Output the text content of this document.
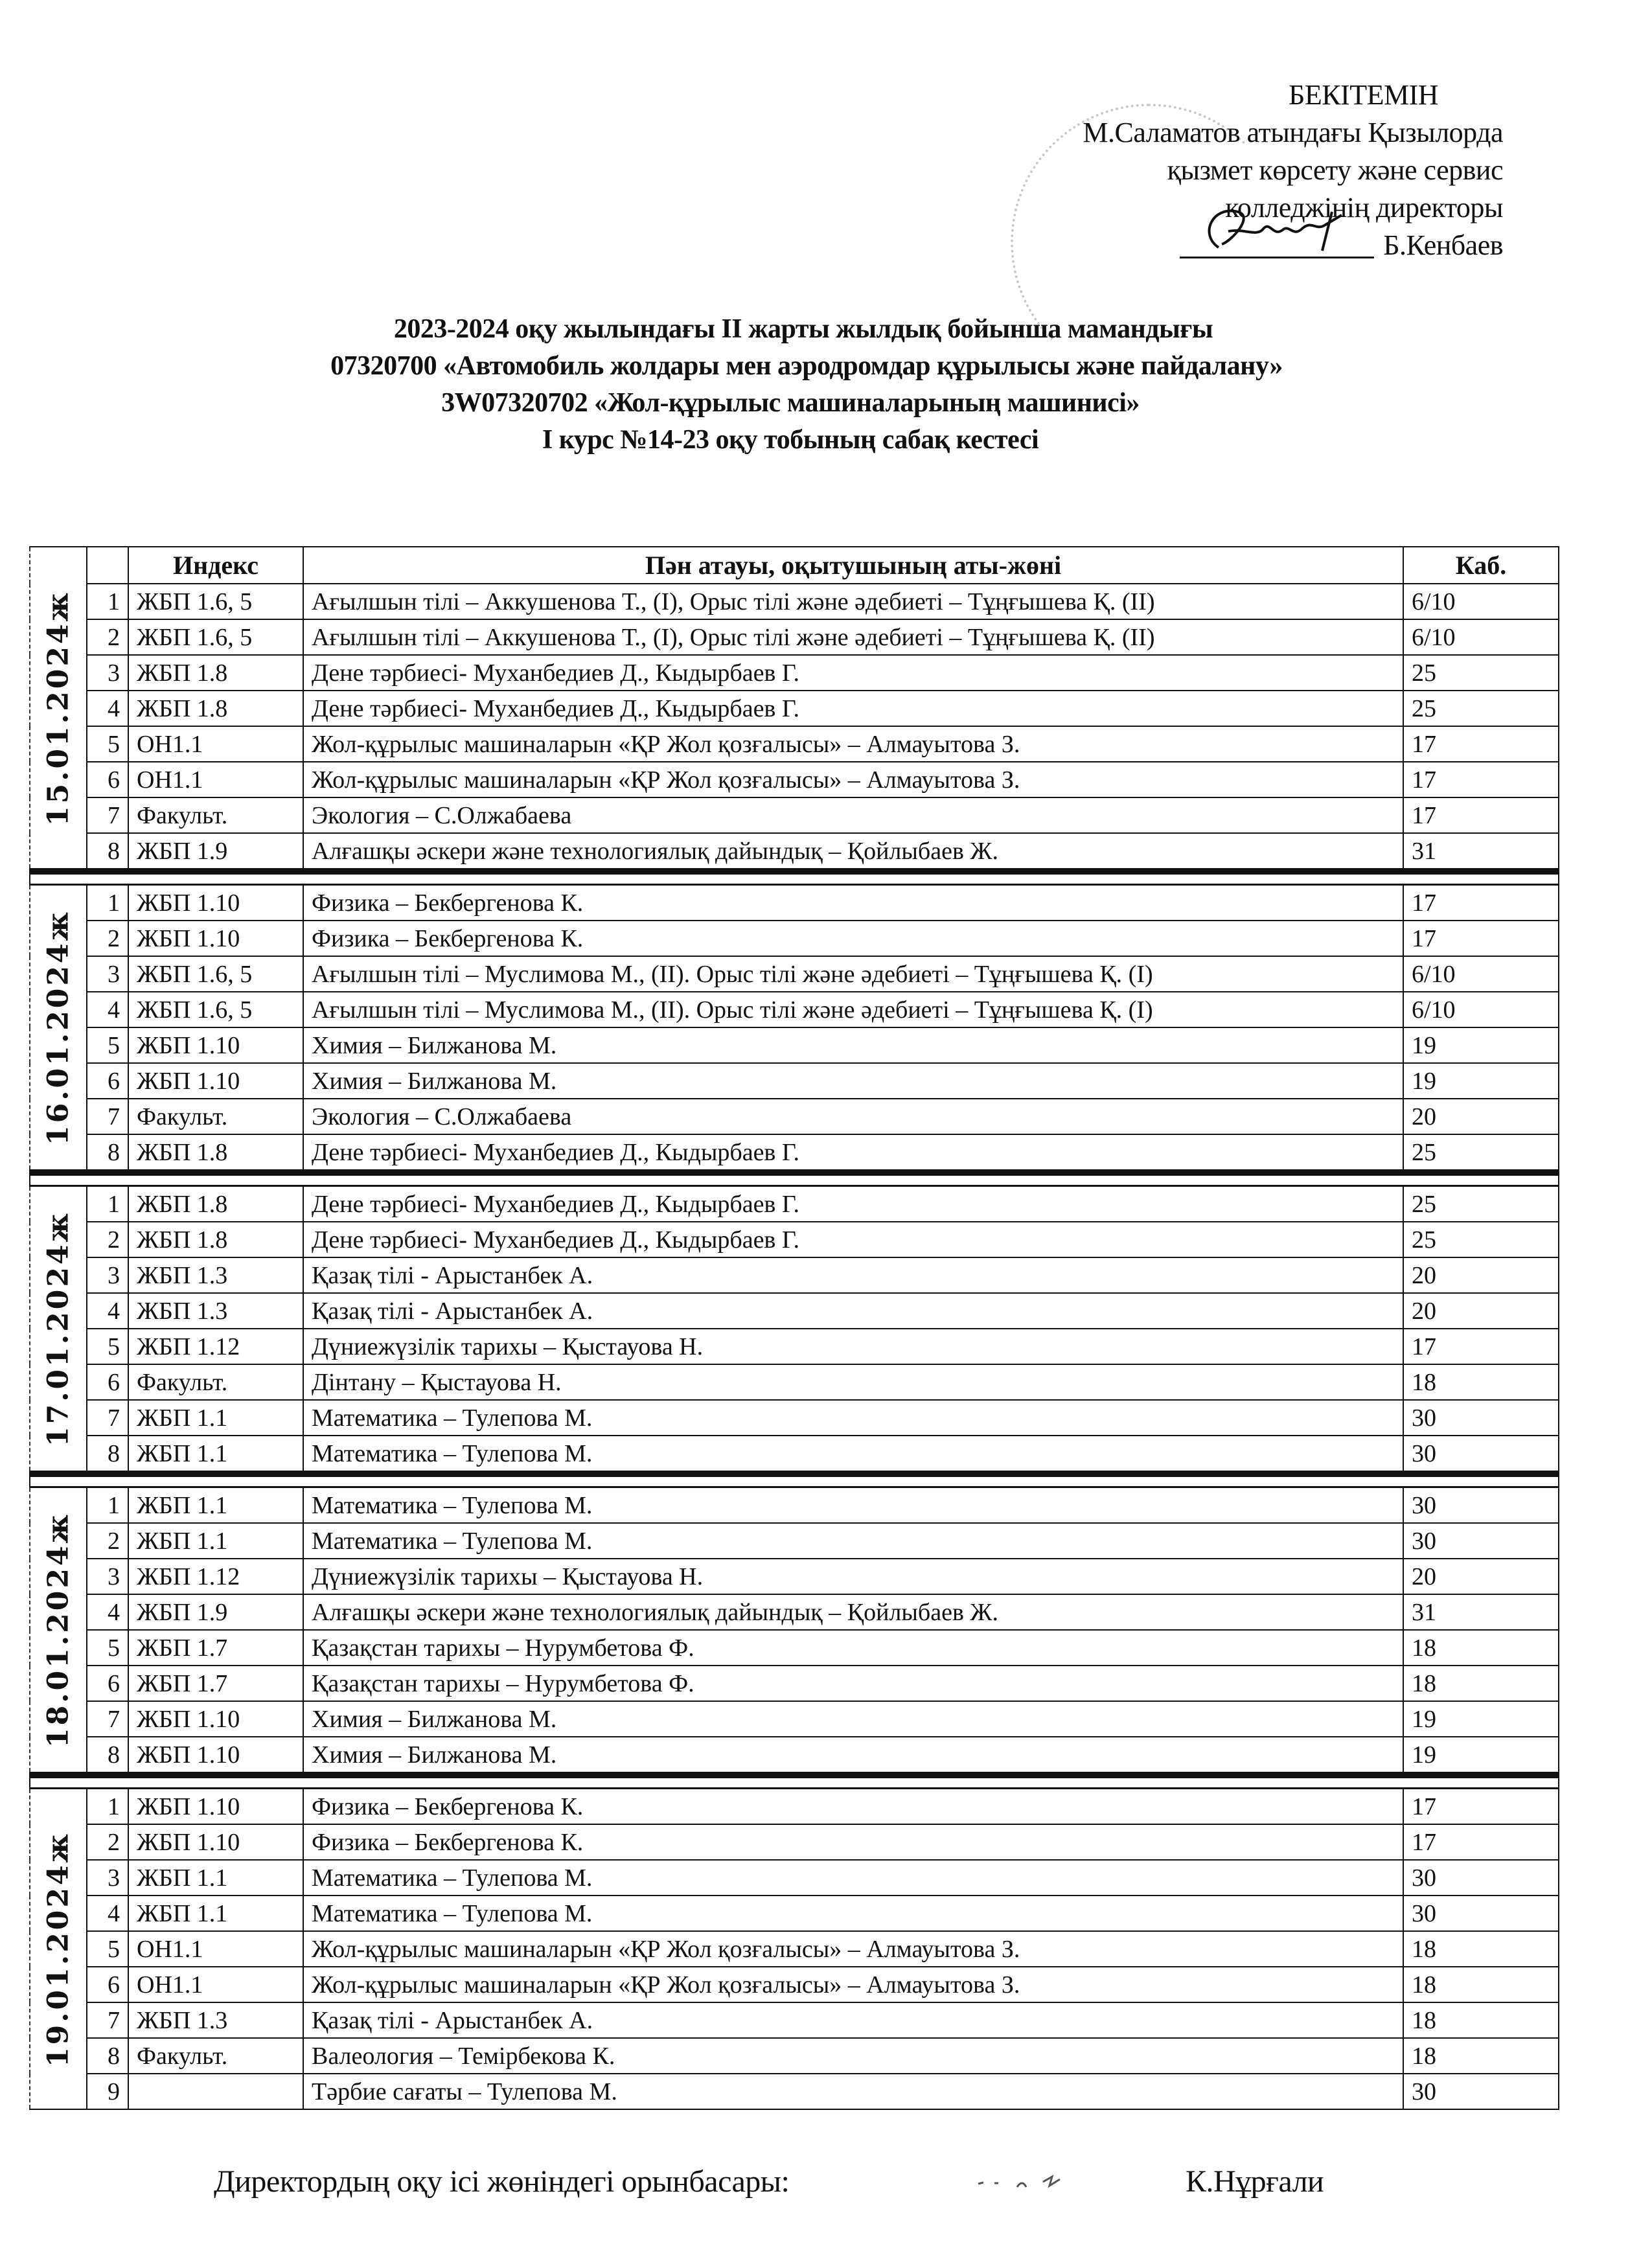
БЕКІТЕМІН
М.Саламатов атындағы Қызылорда
қызмет көрсету және сервис
колледжінің директоры
Б.Кенбаев
2023-2024 оқу жылындағы ІІ жарты жылдық бойынша мамандығы
07320700 «Автомобиль жолдары мен аэродромдар құрылысы және пайдалану»
3W07320702 «Жол-құрылыс машиналарының машинисі»
І курс №14-23 оқу тобының сабақ кестесі
15.01.2024ж		Индекс	Пән атауы, оқытушының аты-жөні	Каб.
	1	ЖБП 1.6, 5	Ағылшын тілі – Аккушенова Т., (І), Орыс тілі және әдебиеті – Тұңғышева Қ. (ІІ)	6/10
	2	ЖБП 1.6, 5	Ағылшын тілі – Аккушенова Т., (І), Орыс тілі және әдебиеті – Тұңғышева Қ. (ІІ)	6/10
	3	ЖБП 1.8	Дене тәрбиесі- Муханбедиев Д., Кыдырбаев Г.	25
	4	ЖБП 1.8	Дене тәрбиесі- Муханбедиев Д., Кыдырбаев Г.	25
	5	ОН1.1	Жол-құрылыс машиналарын «ҚР Жол қозғалысы» – Алмауытова З.	17
	6	ОН1.1	Жол-құрылыс машиналарын «ҚР Жол қозғалысы» – Алмауытова З.	17
	7	Факульт.	Экология – С.Олжабаева	17
	8	ЖБП 1.9	Алғашқы әскери және технологиялық дайындық – Қойлыбаев Ж.	31

16.01.2024ж	1	ЖБП 1.10	Физика – Бекбергенова К.	17
	2	ЖБП 1.10	Физика – Бекбергенова К.	17
	3	ЖБП 1.6, 5	Ағылшын тілі – Муслимова М., (ІІ). Орыс тілі және әдебиеті – Тұңғышева Қ. (І)	6/10
	4	ЖБП 1.6, 5	Ағылшын тілі – Муслимова М., (ІІ). Орыс тілі және әдебиеті – Тұңғышева Қ. (І)	6/10
	5	ЖБП 1.10	Химия – Билжанова М.	19
	6	ЖБП 1.10	Химия – Билжанова М.	19
	7	Факульт.	Экология – С.Олжабаева	20
	8	ЖБП 1.8	Дене тәрбиесі- Муханбедиев Д., Кыдырбаев Г.	25

17.01.2024ж	1	ЖБП 1.8	Дене тәрбиесі- Муханбедиев Д., Кыдырбаев Г.	25
	2	ЖБП 1.8	Дене тәрбиесі- Муханбедиев Д., Кыдырбаев Г.	25
	3	ЖБП 1.3	Қазақ тілі - Арыстанбек А.	20
	4	ЖБП 1.3	Қазақ тілі - Арыстанбек А.	20
	5	ЖБП 1.12	Дүниежүзілік тарихы – Қыстауова Н.	17
	6	Факульт.	Дінтану – Қыстауова Н.	18
	7	ЖБП 1.1	Математика – Тулепова М.	30
	8	ЖБП 1.1	Математика – Тулепова М.	30

18.01.2024ж	1	ЖБП 1.1	Математика – Тулепова М.	30
	2	ЖБП 1.1	Математика – Тулепова М.	30
	3	ЖБП 1.12	Дүниежүзілік тарихы – Қыстауова Н.	20
	4	ЖБП 1.9	Алғашқы әскери және технологиялық дайындық – Қойлыбаев Ж.	31
	5	ЖБП 1.7	Қазақстан тарихы – Нурумбетова Ф.	18
	6	ЖБП 1.7	Қазақстан тарихы – Нурумбетова Ф.	18
	7	ЖБП 1.10	Химия – Билжанова М.	19
	8	ЖБП 1.10	Химия – Билжанова М.	19

19.01.2024ж	1	ЖБП 1.10	Физика – Бекбергенова К.	17
	2	ЖБП 1.10	Физика – Бекбергенова К.	17
	3	ЖБП 1.1	Математика – Тулепова М.	30
	4	ЖБП 1.1	Математика – Тулепова М.	30
	5	ОН1.1	Жол-құрылыс машиналарын «ҚР Жол қозғалысы» – Алмауытова З.	18
	6	ОН1.1	Жол-құрылыс машиналарын «ҚР Жол қозғалысы» – Алмауытова З.	18
	7	ЖБП 1.3	Қазақ тілі - Арыстанбек А.	18
	8	Факульт.	Валеология – Темірбекова К.	18
	9		Тәрбие сағаты – Тулепова М.	30
Директордың оқу ісі жөніндегі орынбасары:	К.Нұрғали
